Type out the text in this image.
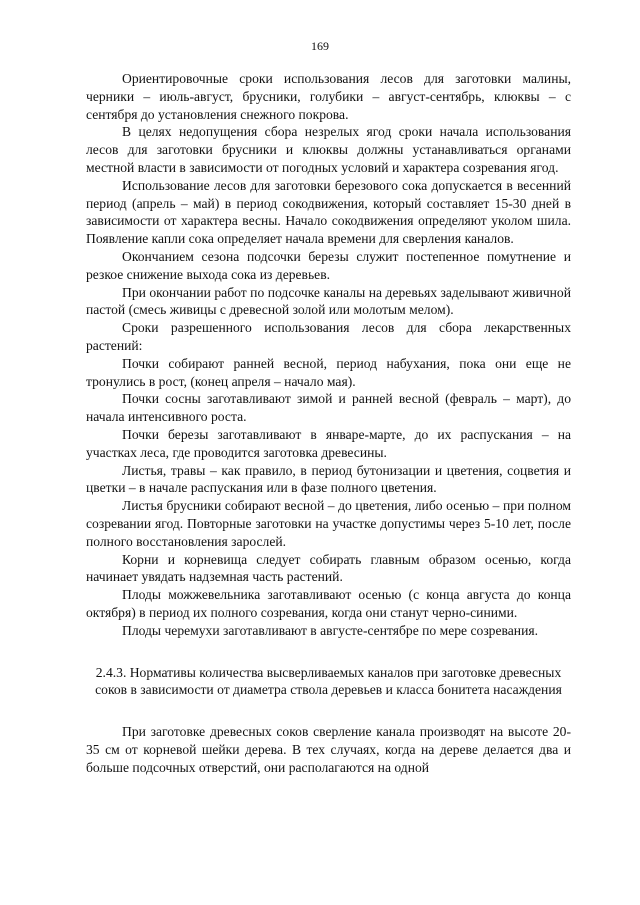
169

Ориентировочные сроки использования лесов для заготовки малины, черники – июль-август, брусники, голубики – август-сентябрь, клюквы – с сентября до установления снежного покрова.

В целях недопущения сбора незрелых ягод сроки начала использования лесов для заготовки брусники и клюквы должны устанавливаться органами местной власти в зависимости от погодных условий и характера созревания ягод.

Использование лесов для заготовки березового сока допускается в весенний период (апрель – май) в период сокодвижения, который составляет 15-30 дней в зависимости от характера весны. Начало сокодвижения определяют уколом шила. Появление капли сока определяет начала времени для сверления каналов.

Окончанием сезона подсочки березы служит постепенное помутнение и резкое снижение выхода сока из деревьев.

При окончании работ по подсочке каналы на деревьях заделывают живичной пастой (смесь живицы с древесной золой или молотым мелом).

Сроки разрешенного использования лесов для сбора лекарственных растений:

Почки собирают ранней весной, период набухания, пока они еще не тронулись в рост, (конец апреля – начало мая).

Почки сосны заготавливают зимой и ранней весной (февраль – март), до начала интенсивного роста.

Почки березы заготавливают в январе-марте, до их распускания – на участках леса, где проводится заготовка древесины.

Листья, травы – как правило, в период бутонизации и цветения, соцветия и цветки – в начале распускания или в фазе полного цветения.

Листья брусники собирают весной – до цветения, либо осенью – при полном созревании ягод. Повторные заготовки на участке допустимы через 5-10 лет, после полного восстановления зарослей.

Корни и корневища следует собирать главным образом осенью, когда начинает увядать надземная часть растений.

Плоды можжевельника заготавливают осенью (с конца августа до конца октября) в период их полного созревания, когда они станут черно-синими.

Плоды черемухи заготавливают в августе-сентябре по мере созревания.

2.4.3. Нормативы количества высверливаемых каналов при заготовке древесных соков в зависимости от диаметра ствола деревьев и класса бонитета насаждения

При заготовке древесных соков сверление канала производят на высоте 20-35 см от корневой шейки дерева. В тех случаях, когда на дереве делается два и больше подсочных отверстий, они располагаются на одной
